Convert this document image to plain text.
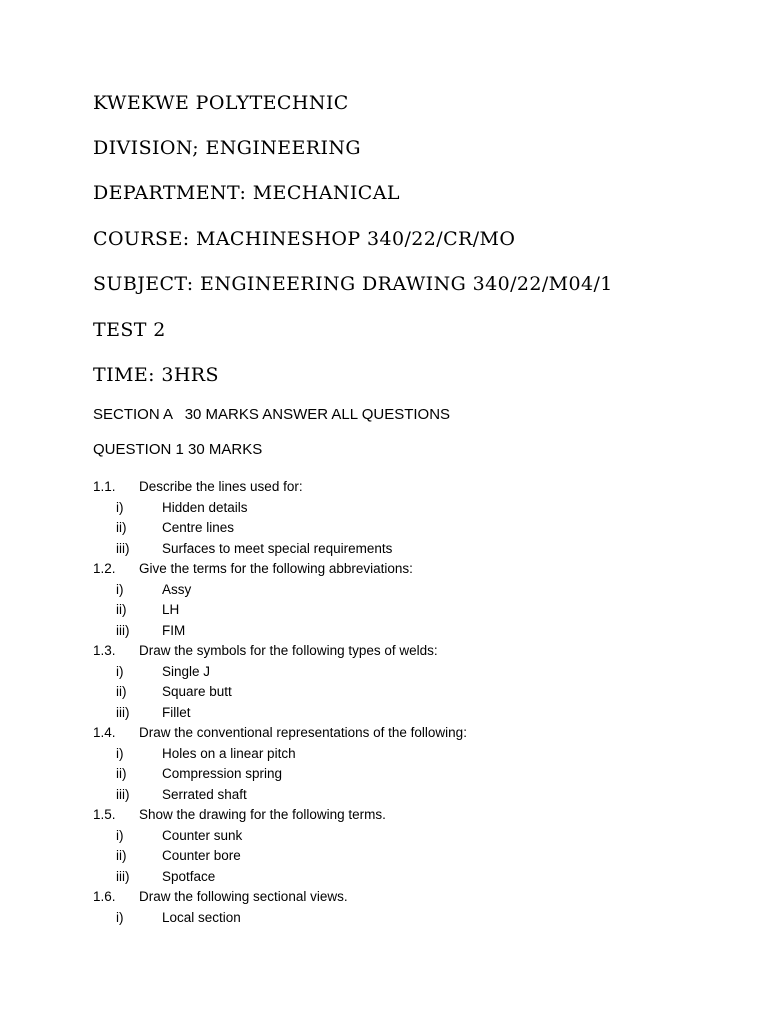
KWEKWE POLYTECHNIC
DIVISION; ENGINEERING
DEPARTMENT: MECHANICAL
COURSE: MACHINESHOP 340/22/CR/MO
SUBJECT: ENGINEERING DRAWING 340/22/M04/1
TEST 2
TIME: 3HRS
SECTION A   30 MARKS ANSWER ALL QUESTIONS
QUESTION 1 30 MARKS
1.1. Describe the lines used for:
i)	Hidden details
ii)	Centre lines
iii) Surfaces to meet special requirements
1.2. Give the terms for the following abbreviations:
i)	Assy
ii)	LH
iii) FIM
1.3. Draw the symbols for the following types of welds:
i)	Single J
ii)	Square butt
iii) Fillet
1.4. Draw the conventional representations of the following:
i)	Holes on a linear pitch
ii)	Compression spring
iii) Serrated shaft
1.5. Show the drawing for the following terms.
i)	Counter sunk
ii)	Counter bore
iii) Spotface
1.6. Draw the following sectional views.
i)	Local section
